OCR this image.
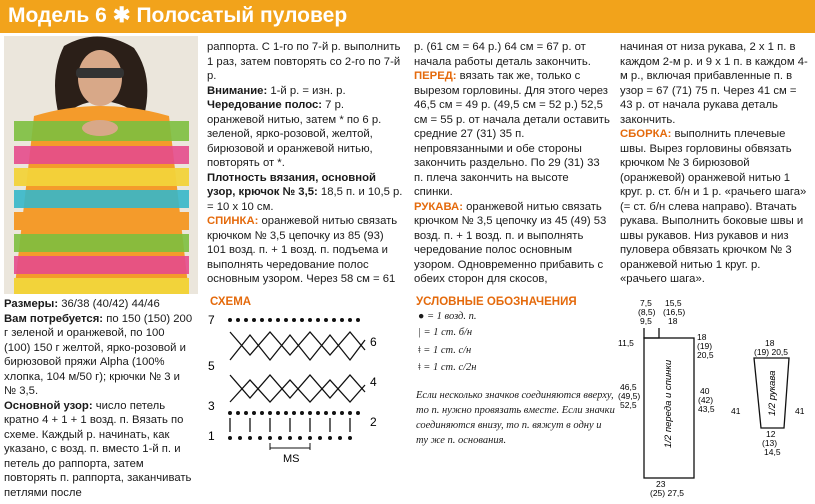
Модель 6 ✱ Полосатый пуловер

Размеры: 36/38 (40/42) 44/46

Вам потребуется: по 150 (150) 200 г зеленой и оранжевой, по 100 (100) 150 г желтой, ярко-розовой и бирюзовой пряжи Alpha (100% хлопка, 104 м/50 г); крючки № 3 и № 3,5.

Основной узор: число петель кратно 4 + 1 + 1 возд. п. Вязать по схеме. Каждый р. начинать, как указано, с возд. п. вместо 1-й п. и петель до раппорта, затем повторять п. раппорта, заканчивать петлями после

раппорта. С 1-го по 7-й р. выполнить 1 раз, затем повторять со 2-го по 7-й р.

Внимание: 1-й р. = изн. р.

Чередование полос: 7 р. оранжевой нитью, затем * по 6 р. зеленой, ярко-розовой, желтой, бирюзовой и оранжевой нитью, повторять от *.

Плотность вязания, основной узор, крючок № 3,5: 18,5 п. и 10,5 р. = 10 x 10 см.

СПИНКА: оранжевой нитью связать крючком № 3,5 цепочку из 85 (93) 101 возд. п. + 1 возд. п. подъема и выполнять чередование полос основным узором. Через 58 см = 61

р. (61 см = 64 р.) 64 см = 67 р. от начала работы деталь закончить.

ПЕРЕД: вязать так же, только с вырезом горловины. Для этого через 46,5 см = 49 р. (49,5 см = 52 р.) 52,5 см = 55 р. от начала детали оставить средние 27 (31) 35 п. непровязанными и обе стороны закончить раздельно. По 29 (31) 33 п. плеча закончить на высоте спинки.

РУКАВА: оранжевой нитью связать крючком № 3,5 цепочку из 45 (49) 53 возд. п. + 1 возд. п. и выполнять чередование полос основным узором. Одновременно прибавить с обеих сторон для скосов,

начиная от низа рукава, 2 x 1 п. в каждом 2-м р. и 9 x 1 п. в каждом 4-м р., включая прибавленные п. в узор = 67 (71) 75 п. Через 41 см = 43 р. от начала рукава деталь закончить.

СБОРКА: выполнить плечевые швы. Вырез горловины обвязать крючком № 3 бирюзовой (оранжевой) оранжевой нитью 1 круг. р. ст. б/н и 1 р. «рачьего шага» (= ст. б/н слева направо). Втачать рукава. Выполнить боковые швы и швы рукавов. Низ рукавов и низ пуловера обвязать крючком № 3 оранжевой нитью 1 круг. р. «рачьего шага».

СХЕМА
7
6
5
4
3
2
1
MS
УСЛОВНЫЕ ОБОЗНАЧЕНИЯ
● = 1 возд. п.
| = 1 ст. б/н
ǂ = 1 ст. с/н
ǂ = 1 ст. с/2н
Если несколько значков соединяются вверху, то п. нужно провязать вместе. Если значки соединяются внизу, то п. вяжут в одну и ту же п. основания.
7,5
(8,5)
9,5
15,5
(16,5)
18
11,5
18
(19)
20,5
40
(42)
43,5
46,5
(49,5)
52,5
23
(25) 27,5
1/2 переда и спинки
18
(19) 20,5
41	41
12
(13)
14,5
1/2 рукава
